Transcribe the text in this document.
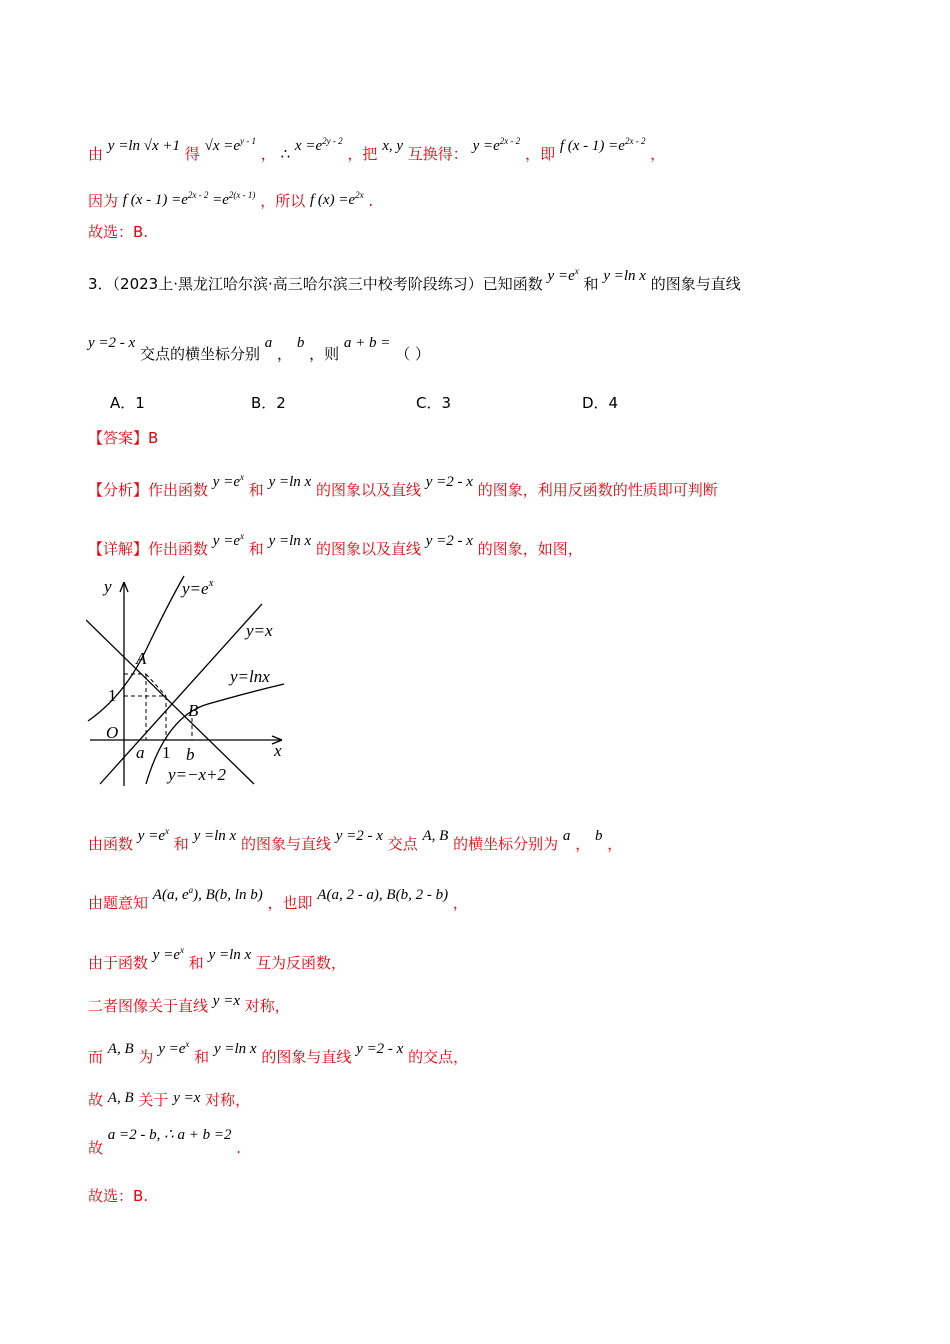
由 y =ln √x +1 得 $√x =e^{y - 1}$ ， ∴ $x =e^{2y - 2}$ ，把 x, y 互换得： $y =e^{2x - 2}$ ，即 f $(x - 1) =e^{2x - 2}$ ，
因为 f $(x - 1) =e^{2x - 2} =e^{2(x - 1)}$ ，所以 f $(x) =e^{2x}$ .
故选：B.
3．（2023上·黑龙江哈尔滨·高三哈尔滨三中校考阶段练习）已知函数 $y =e^x$ 和 y =ln x 的图象与直线
y =2 - x 交点的横坐标分别 a ， b ，则 a + b = （ ）
A．1	B．2	C．3	D．4
【答案】B
【分析】作出函数 $y =e^x$ 和 y =ln x 的图象以及直线 y =2 - x 的图象，利用反函数的性质即可判断
【详解】作出函数 $y =e^x$ 和 y =ln x 的图象以及直线 y =2 - x 的图象，如图，
y
x
O
1
1
a b
A
B
$y=e^x$
y=x
y=lnx
y=−x+2
由函数 $y =e^x$ 和 y =ln x 的图象与直线 y =2 - x 交点 A, B 的横坐标分别为 a ， b ，
由题意知 A(a, $e^a$), B(b, ln b) ，也即 A(a, 2 - a), B(b, 2 - b) ，
由于函数 $y =e^x$ 和 y =ln x 互为反函数，
二者图像关于直线 y =x 对称，
而 A, B 为 $y =e^x$ 和 y =ln x 的图象与直线 y =2 - x 的交点，
故 A, B 关于 y =x 对称，
故 a =2 - b, ∴ a + b =2 .
故选：B.
